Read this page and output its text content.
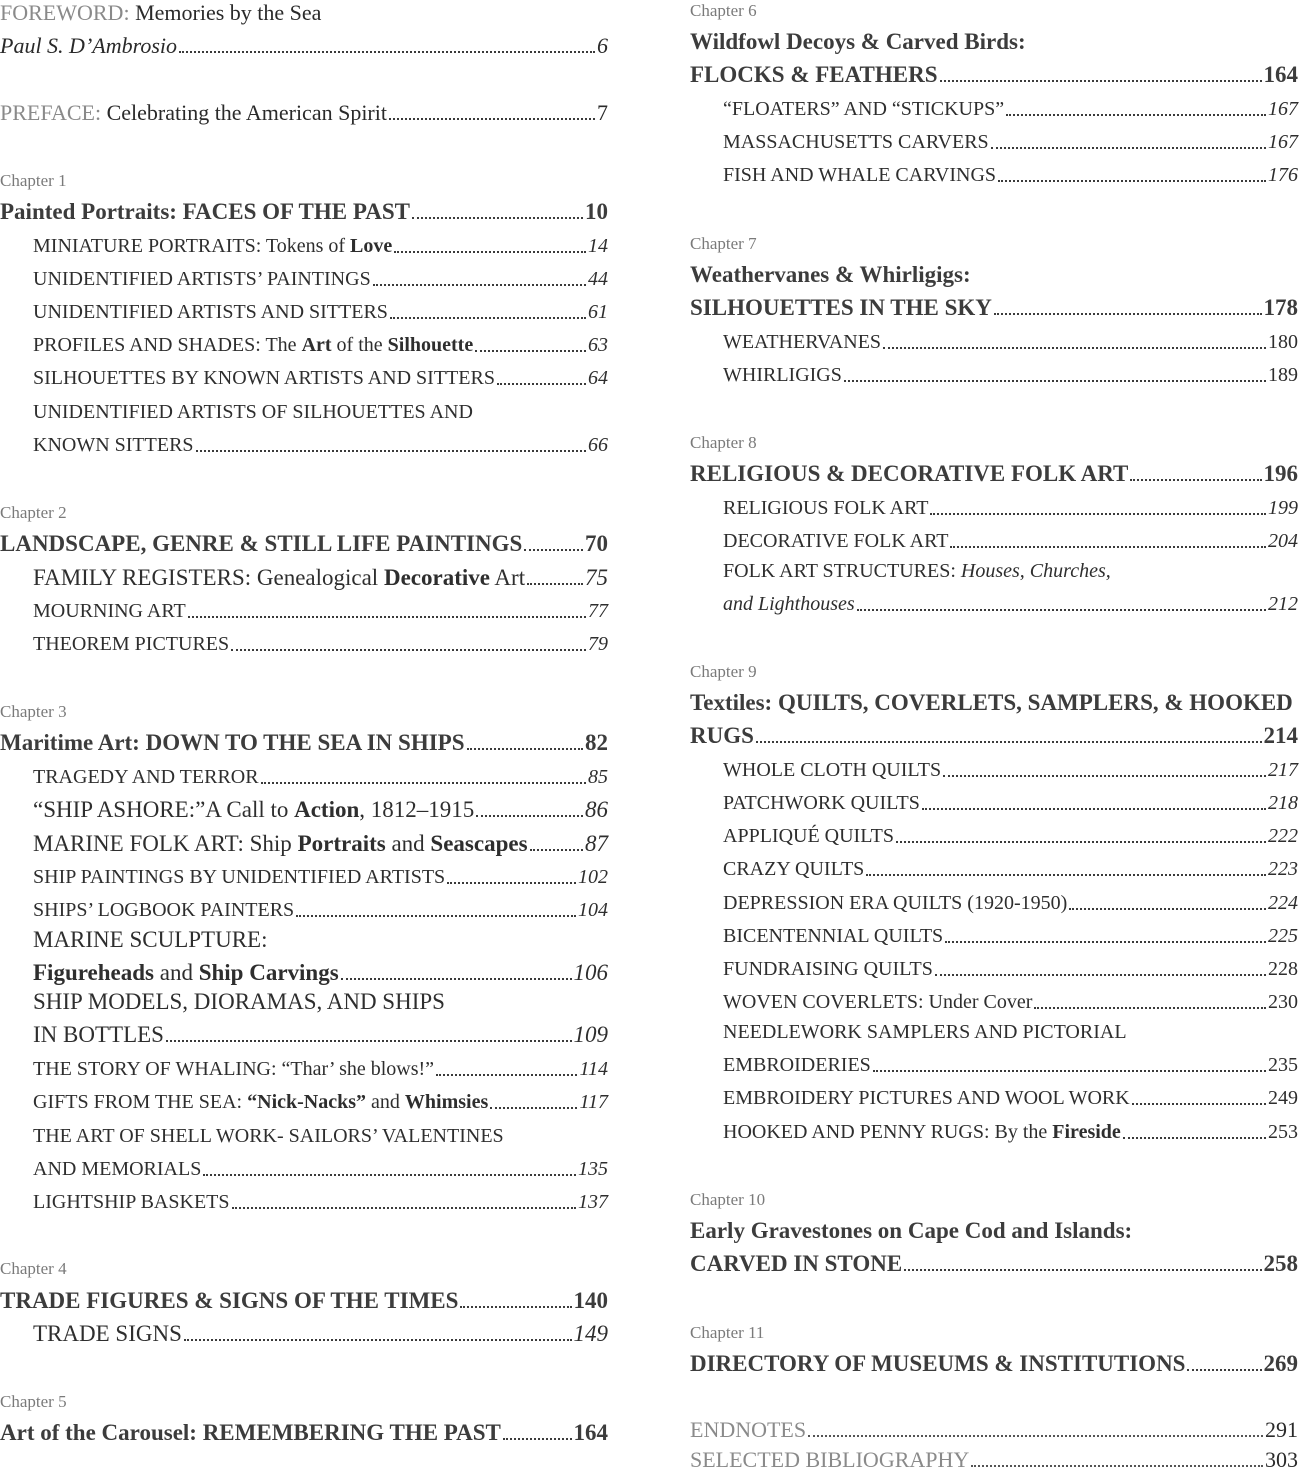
FOREWORD: Memories by the Sea
Paul S. D’Ambrosio	6
PREFACE: Celebrating the American Spirit	7
Chapter 1
Painted Portraits: FACES OF THE PAST	10
MINIATURE PORTRAITS: Tokens of Love	14
UNIDENTIFIED ARTISTS’ PAINTINGS	44
UNIDENTIFIED ARTISTS AND SITTERS	61
PROFILES AND SHADES: The Art of the Silhouette	63
SILHOUETTES BY KNOWN ARTISTS AND SITTERS	64
UNIDENTIFIED ARTISTS OF SILHOUETTES AND
KNOWN SITTERS	66
Chapter 2
LANDSCAPE, GENRE & STILL LIFE PAINTINGS	70
FAMILY REGISTERS: Genealogical Decorative Art	75
MOURNING ART	77
THEOREM PICTURES	79
Chapter 3
Maritime Art: DOWN TO THE SEA IN SHIPS	82
TRAGEDY AND TERROR	85
“SHIP ASHORE:”A Call to Action, 1812–1915	86
MARINE FOLK ART: Ship Portraits and Seascapes 87
SHIP PAINTINGS BY UNIDENTIFIED ARTISTS	102
SHIPS’ LOGBOOK PAINTERS	104
MARINE SCULPTURE:
Figureheads and Ship Carvings	106
SHIP MODELS, DIORAMAS, AND SHIPS
IN BOTTLES	109
THE STORY OF WHALING: “Thar’ she blows!”	114
GIFTS FROM THE SEA: “Nick-Nacks” and Whimsies	117
THE ART OF SHELL WORK- SAILORS’ VALENTINES
AND MEMORIALS	135
LIGHTSHIP BASKETS	137
Chapter 4
TRADE FIGURES & SIGNS OF THE TIMES	140
TRADE SIGNS	149
Chapter 5
Art of the Carousel: REMEMBERING THE PAST	164
Chapter 6
Wildfowl Decoys & Carved Birds:
FLOCKS & FEATHERS	164
“FLOATERS” AND “STICKUPS”	167
MASSACHUSETTS CARVERS	167
FISH AND WHALE CARVINGS	176
Chapter 7
Weathervanes & Whirligigs:
SILHOUETTES IN THE SKY	178
WEATHERVANES	180
WHIRLIGIGS	189
Chapter 8
RELIGIOUS & DECORATIVE FOLK ART	196
RELIGIOUS FOLK ART	199
DECORATIVE FOLK ART	204
FOLK ART STRUCTURES: Houses, Churches,
and Lighthouses	212
Chapter 9
Textiles: QUILTS, COVERLETS, SAMPLERS, & HOOKED
RUGS	214
WHOLE CLOTH QUILTS	217
PATCHWORK QUILTS	218
APPLIQUÉ QUILTS	222
CRAZY QUILTS	223
DEPRESSION ERA QUILTS (1920-1950)	224
BICENTENNIAL QUILTS	225
FUNDRAISING QUILTS	228
WOVEN COVERLETS: Under Cover	230
NEEDLEWORK SAMPLERS AND PICTORIAL
EMBROIDERIES	235
EMBROIDERY PICTURES AND WOOL WORK	249
HOOKED AND PENNY RUGS: By the Fireside	253
Chapter 10
Early Gravestones on Cape Cod and Islands:
CARVED IN STONE	258
Chapter 11
DIRECTORY OF MUSEUMS & INSTITUTIONS	269
ENDNOTES	291
SELECTED BIBLIOGRAPHY	303
